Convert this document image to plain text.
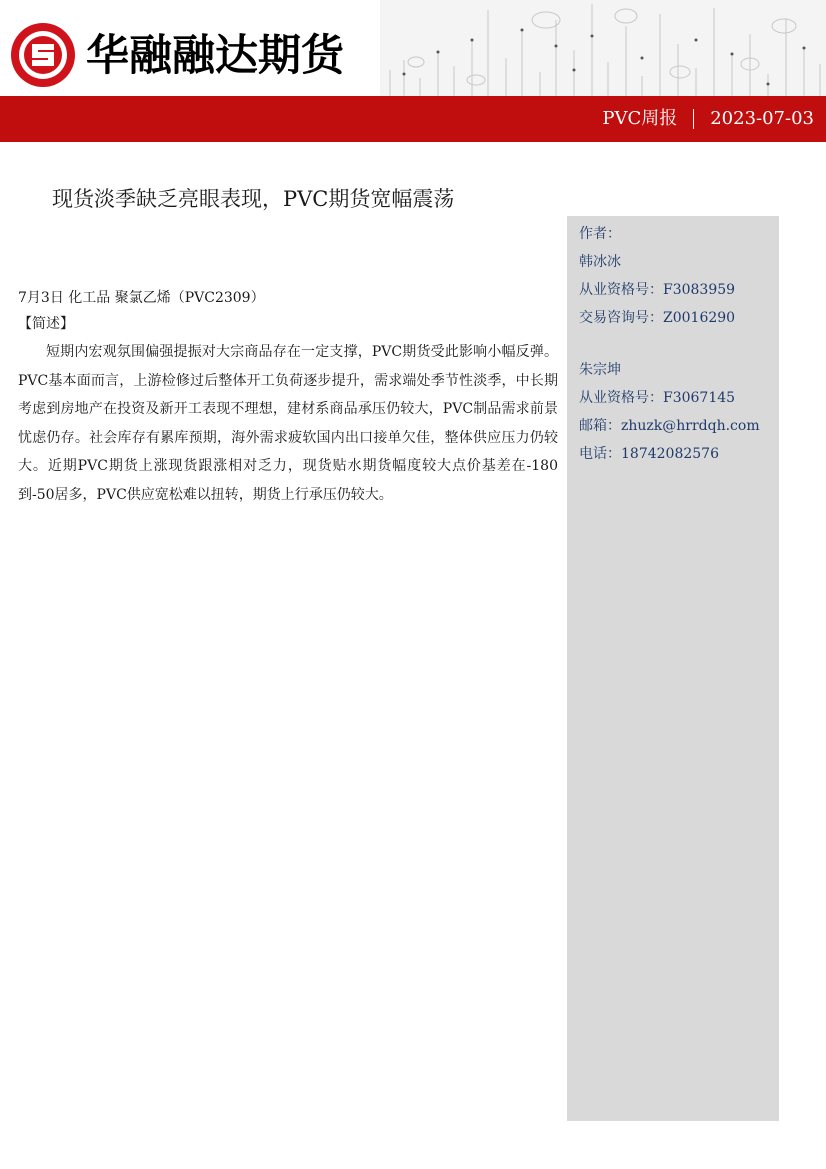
华融融达期货
PVC周报 2023-07-03
现货淡季缺乏亮眼表现，PVC期货宽幅震荡

7月3日 化工品 聚氯乙烯（PVC2309）

【简述】

短期内宏观氛围偏强提振对大宗商品存在一定支撑，PVC期货受此影响小幅反弹。PVC基本面而言，上游检修过后整体开工负荷逐步提升，需求端处季节性淡季，中长期考虑到房地产在投资及新开工表现不理想，建材系商品承压仍较大，PVC制品需求前景忧虑仍存。社会库存有累库预期，海外需求疲软国内出口接单欠佳，整体供应压力仍较大。近期PVC期货上涨现货跟涨相对乏力，现货贴水期货幅度较大点价基差在-180到-50居多，PVC供应宽松难以扭转，期货上行承压仍较大。

作者：
韩冰冰
从业资格号：F3083959
交易咨询号：Z0016290
朱宗坤
从业资格号：F3067145
邮箱：zhuzk@hrrdqh.com
电话：18742082576
